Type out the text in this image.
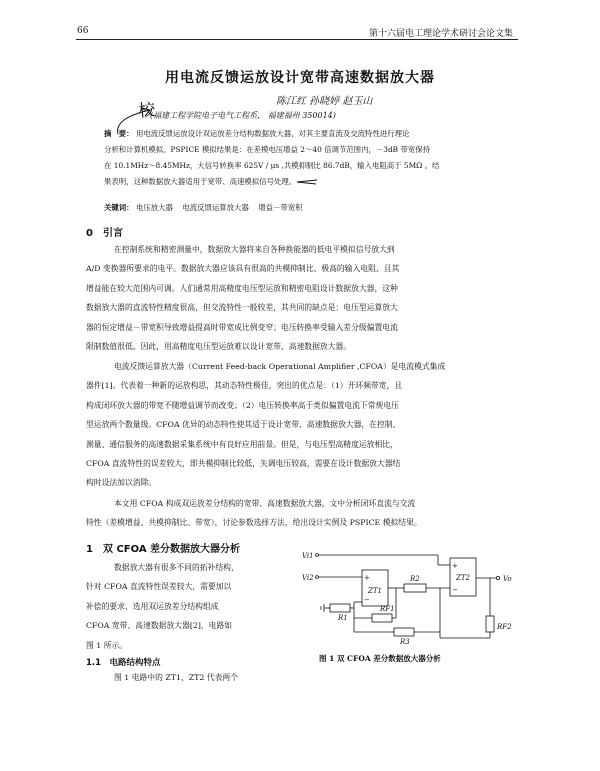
66	第十六届电工理论学术研讨会论文集
用电流反馈运放设计宽带高速数据放大器
陈江红 孙晓婷 赵玉山
(福建工程学院电子电气工程系， 福建福州 350014)
校
摘　要： 用电流反馈运放设计双运放差分结构数据放大器，对其主要直流及交流特性进行理论
分析和计算机模拟。PSPICE 模拟结果是：在差模电压增益 2～40 倍调节范围内，－3dB 带宽保持
在 10.1MHz～8.45MHz，大信号转换率 625V / μs ,共模抑制比 86.7dB，输入电阻高于 5MΩ 。结
果表明，这种数据放大器适用于宽带、高速模拟信号处理。
关键词： 电压放大器 电流反馈运算放大器 增益－带宽积
0　引言
在控制系统和精密测量中，数据放大器将来自各种换能器的低电平模拟信号放大到
A/D 变换器所要求的电平。数据放大器应该具有很高的共模抑制比、极高的输入电阻、且其
增益能在较大范围内可调。人们通常用高精度电压型运放和精密电阻设计数据放大器，这种
数据放大器的直流特性精度很高，但交流特性一般较差，其共同的缺点是：电压型运算放大
器的恒定增益－带宽积导致增益提高时带宽成比例变窄；电压转换率受输入差分级偏置电流
限制数值很低。因此，用高精度电压型运放难以设计宽带、高速数据放大器。
电流反馈运算放大器（Current Feed-back Operational Amplifier ,CFOA）是电流模式集成
器件[1]。代表着一种新的运放构思，其动态特性极佳，突出的优点是：（1）开环频带宽，且
构成闭环放大器的带宽不随增益调节而改变；（2）电压转换率高于类似偏置电流下常规电压
型运放两个数量级。CFOA 优异的动态特性使其适于设计宽带、高速数据放大器，在控制、
测量、通信服务的高速数据采集系统中有良好应用前景。但是，与电压型高精度运放相比，
CFOA 直流特性的误差较大，即共模抑制比较低，失调电压较高，需要在设计数据放大器结
构时设法加以消除。
本文用 CFOA 构成双运放差分结构的宽带、高速数据放大器，文中分析闭环直流与交流
特性（差模增益、共模抑制比、带宽），讨论参数选择方法，给出设计实例及 PSPICE 模拟结果。
1　双 CFOA 差分数据放大器分析
数据放大器有很多不同的拓补结构，
针对 CFOA 直流特性误差较大，需要加以
补偿的要求，选用双运放差分结构组成
CFOA 宽带、高速数据放大器[2]，电路如
图 1 所示。
1.1　电路结构特点
图 1 电路中的 ZT1、ZT2 代表两个
Vi1
Vi2	+
−
ZT1
R2
+
−
ZT2	Vo
RF2
R1
RF1
R3
图 1 双 CFOA 差分数据放大器分析
